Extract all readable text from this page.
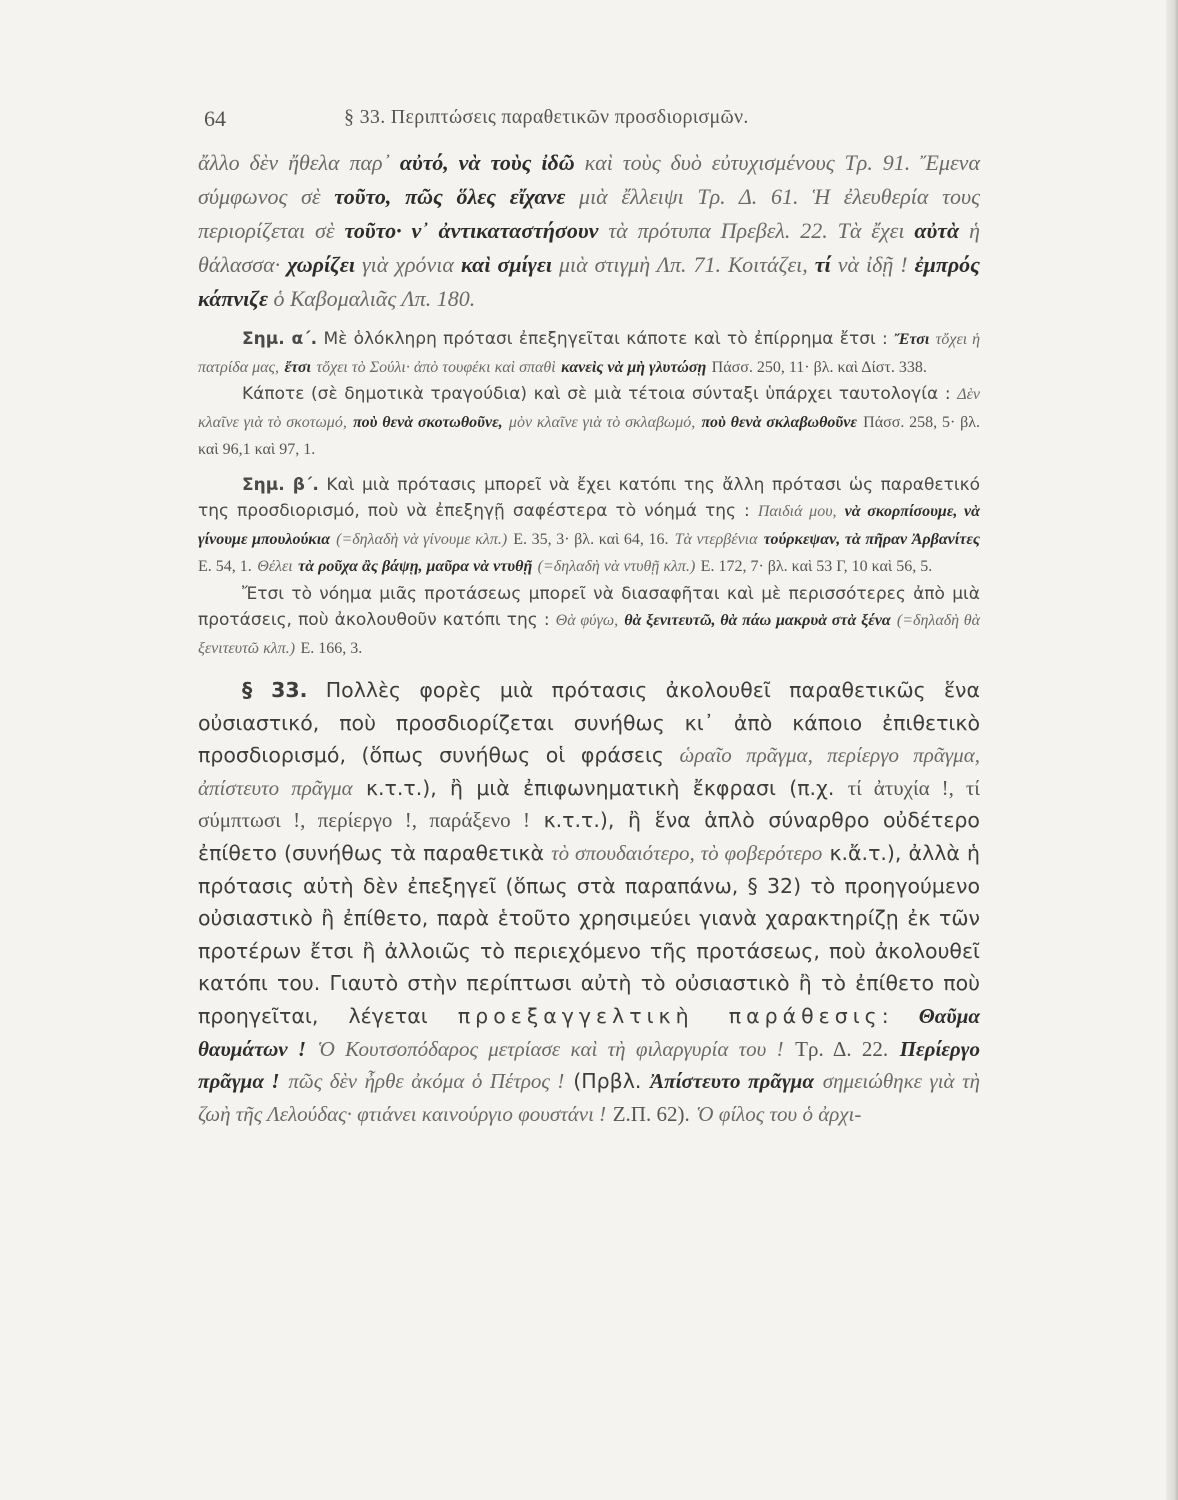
64	§ 33. Περιπτώσεις παραθετικῶν προσδιορισμῶν.

ἄλλο δὲν ἤθελα παρ᾽ αὐτό, νὰ τοὺς ἰδῶ καὶ τοὺς δυὸ εὐτυχισμένους Τρ. 91. Ἔμενα σύμφωνος σὲ τοῦτο, πῶς ὅλες εἴχανε μιὰ ἔλλειψι Τρ. Δ. 61. Ἡ ἐλευθερία τους περιορίζεται σὲ τοῦτο· ν᾽ ἀντικαταστήσουν τὰ πρότυπα Πρεβελ. 22. Τὰ ἔχει αὐτὰ ἡ θάλασσα· χωρίζει γιὰ χρόνια καὶ σμίγει μιὰ στιγμὴ Λπ. 71. Κοιτάζει, τί νὰ ἰδῇ ! ἐμπρός κάπνιζε ὁ Καβομαλιᾶς Λπ. 180.

Σημ. α΄. Μὲ ὁλόκληρη πρότασι ἐπεξηγεῖται κάποτε καὶ τὸ ἐπίρρημα ἔτσι : Ἔτσι τὄχει ἡ πατρίδα μας, ἔτσι τὄχει τὸ Σούλι· ἀπὸ τουφέκι καὶ σπαθὶ κανεὶς νὰ μὴ γλυτώσῃ Πάσσ. 250, 11· βλ. καὶ Δίστ. 338.

Κάποτε (σὲ δημοτικὰ τραγούδια) καὶ σὲ μιὰ τέτοια σύνταξι ὑπάρχει ταυτολογία : Δὲν κλαῖνε γιὰ τὸ σκοτωμό, ποὺ θενὰ σκοτωθοῦνε, μὸν κλαῖνε γιὰ τὸ σκλαβωμό, ποὺ θενὰ σκλαβωθοῦνε Πάσσ. 258, 5· βλ. καὶ 96,1 καὶ 97, 1.

Σημ. β΄. Καὶ μιὰ πρότασις μπορεῖ νὰ ἔχει κατόπι της ἄλλη πρότασι ὡς παραθετικό της προσδιορισμό, ποὺ νὰ ἐπεξηγῇ σαφέστερα τὸ νόημά της : Παιδιά μου, νὰ σκορπίσουμε, νὰ γίνουμε μπουλούκια (=δηλαδὴ νὰ γίνουμε κλπ.) Ε. 35, 3· βλ. καὶ 64, 16. Τὰ ντερβένια τούρκεψαν, τὰ πῆραν Ἀρβανίτες Ε. 54, 1. Θέλει τὰ ροῦχα ἂς βάψῃ, μαῦρα νὰ ντυθῇ (=δηλαδὴ νὰ ντυθῇ κλπ.) Ε. 172, 7· βλ. καὶ 53 Γ, 10 καὶ 56, 5.

Ἔτσι τὸ νόημα μιᾶς προτάσεως μπορεῖ νὰ διασαφῆται καὶ μὲ περισσότερες ἀπὸ μιὰ προτάσεις, ποὺ ἀκολουθοῦν κατόπι της : Θὰ φύγω, θὰ ξενιτευτῶ, θὰ πάω μακρυὰ στὰ ξένα (=δηλαδὴ θὰ ξενιτευτῶ κλπ.) Ε. 166, 3.

§ 33. Πολλὲς φορὲς μιὰ πρότασις ἀκολουθεῖ παραθετικῶς ἕνα οὐσιαστικό, ποὺ προσδιορίζεται συνήθως κι᾽ ἀπὸ κάποιο ἐπιθετικὸ προσδιορισμό, (ὅπως συνήθως οἱ φράσεις ὡραῖο πρᾶγμα, περίεργο πρᾶγμα, ἀπίστευτο πρᾶγμα κ.τ.τ.), ἢ μιὰ ἐπιφωνηματικὴ ἔκφρασι (π.χ. τί ἀτυχία !, τί σύμπτωσι !, περίεργο !, παράξενο ! κ.τ.τ.), ἢ ἕνα ἁπλὸ σύναρθρο οὐδέτερο ἐπίθετο (συνήθως τὰ παραθετικὰ τὸ σπουδαιότερο, τὸ φοβερότερο κ.ἄ.τ.), ἀλλὰ ἡ πρότασις αὐτὴ δὲν ἐπεξηγεῖ (ὅπως στὰ παραπάνω, § 32) τὸ προηγούμενο οὐσιαστικὸ ἢ ἐπίθετο, παρὰ ἑτοῦτο χρησιμεύει γιανὰ χαρακτηρίζῃ ἐκ τῶν προτέρων ἔτσι ἢ ἀλλοιῶς τὸ περιεχόμενο τῆς προτάσεως, ποὺ ἀκολουθεῖ κατόπι του. Γιαυτὸ στὴν περίπτωσι αὐτὴ τὸ οὐσιαστικὸ ἢ τὸ ἐπίθετο ποὺ προηγεῖται, λέγεται προεξαγγελτικὴ παράθεσις: Θαῦμα θαυμάτων ! Ὁ Κουτσοπόδαρος μετρίασε καὶ τὴ φιλαργυρία του ! Τρ. Δ. 22. Περίεργο πρᾶγμα ! πῶς δὲν ἦρθε ἀκόμα ὁ Πέτρος ! (Πρβλ. Ἀπίστευτο πρᾶγμα σημειώθηκε γιὰ τὴ ζωὴ τῆς Λελούδας· φτιάνει καινούργιο φουστάνι ! Ζ.Π. 62). Ὁ φίλος του ὁ ἀρχι-
